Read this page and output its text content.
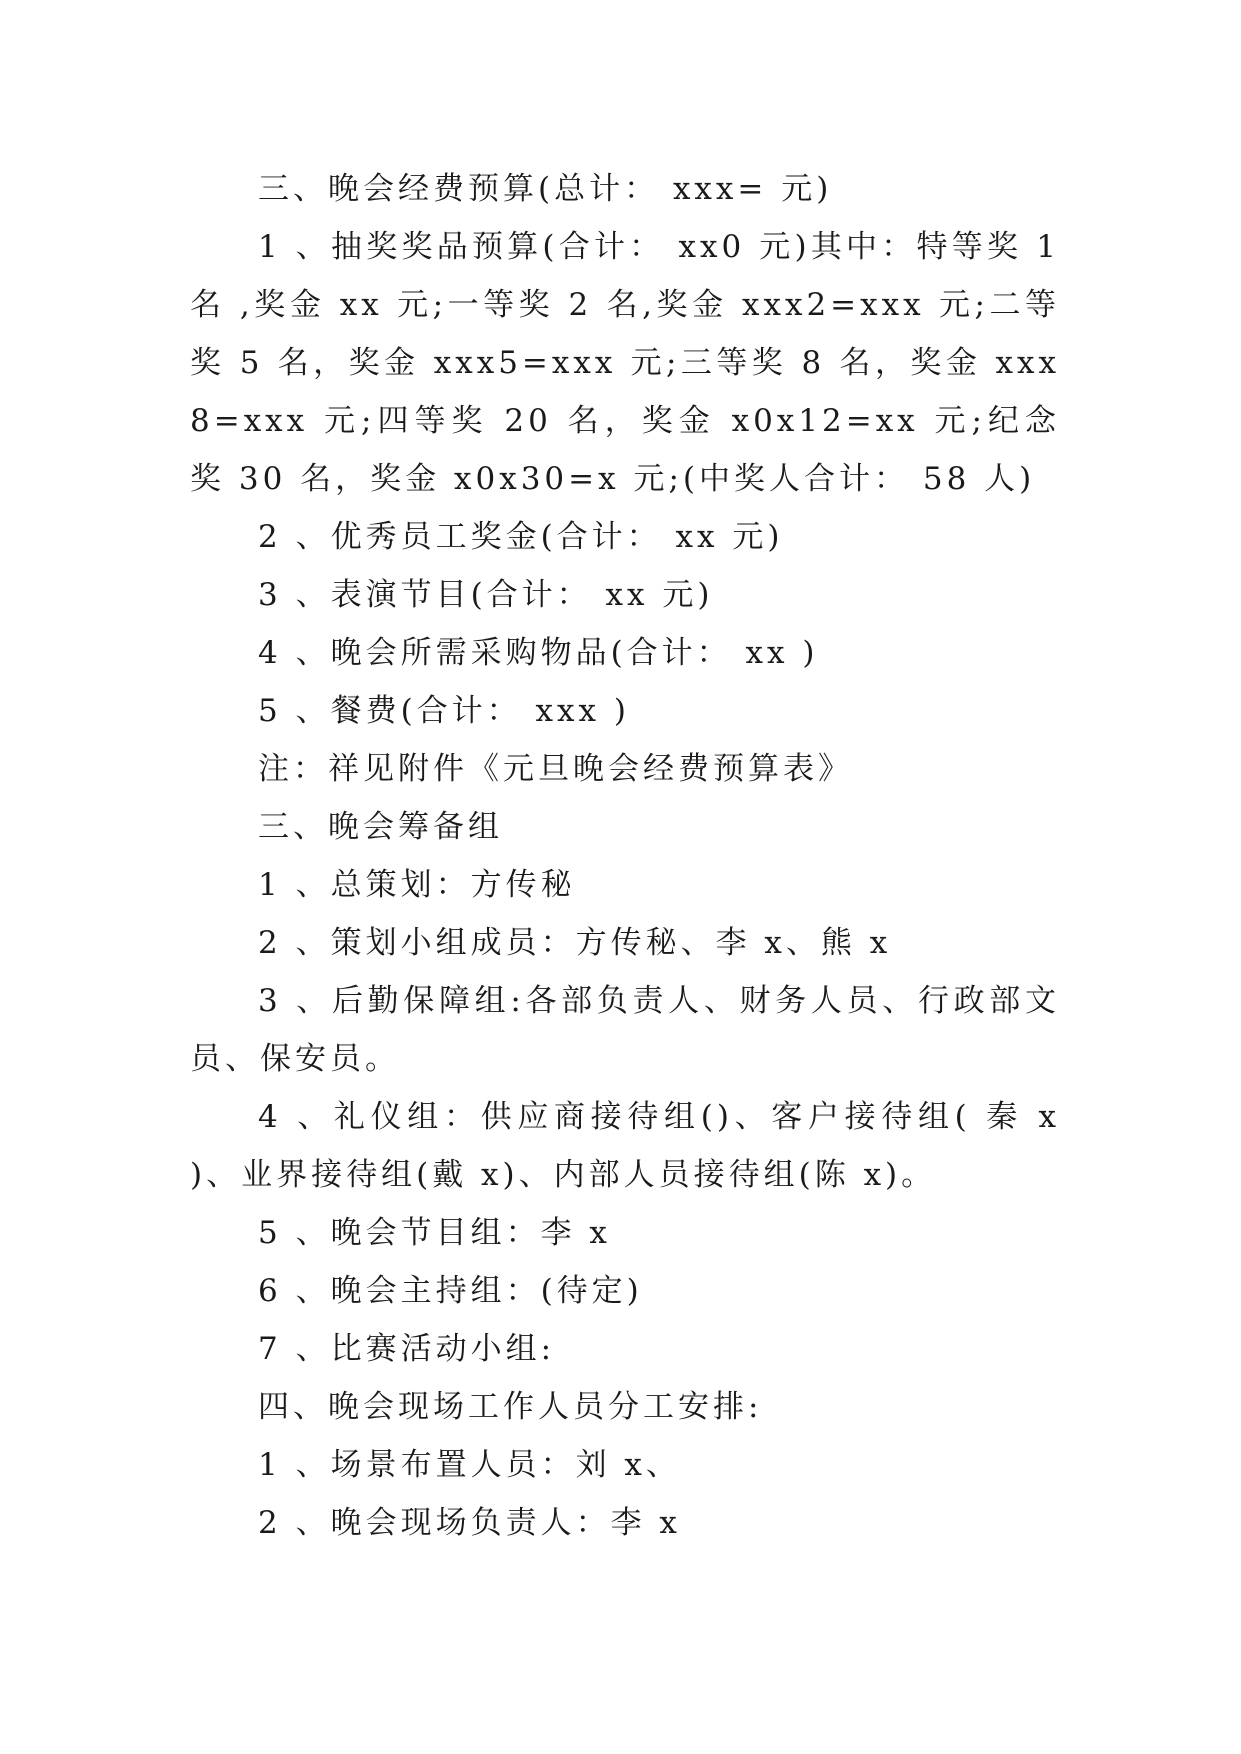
三、晚会经费预算(总计： xxx= 元)

1 、抽奖奖品预算(合计： xx0 元)其中：特等奖 1 名 ,奖金 xx 元;一等奖 2 名,奖金 xxx2=xxx 元;二等奖 5 名，奖金 xxx5=xxx 元;三等奖 8 名，奖金 xxx8=xxx 元;四等奖 20 名，奖金 x0x12=xx 元;纪念奖 30 名，奖金 x0x30=x 元;(中奖人合计： 58 人)

2 、优秀员工奖金(合计： xx 元)

3 、表演节目(合计： xx 元)

4 、晚会所需采购物品(合计： xx )

5 、餐费(合计： xxx )

注：祥见附件《元旦晚会经费预算表》

三、晚会筹备组

1 、总策划：方传秘

2 、策划小组成员：方传秘、李 x、熊 x

3 、后勤保障组:各部负责人、财务人员、行政部文员、保安员。

4 、礼仪组：供应商接待组()、客户接待组( 秦 x )、业界接待组(戴 x)、内部人员接待组(陈 x)。

5 、晚会节目组：李 x

6 、晚会主持组：(待定)

7 、比赛活动小组:

四、晚会现场工作人员分工安排:

1 、场景布置人员：刘 x、

2 、晚会现场负责人：李 x
